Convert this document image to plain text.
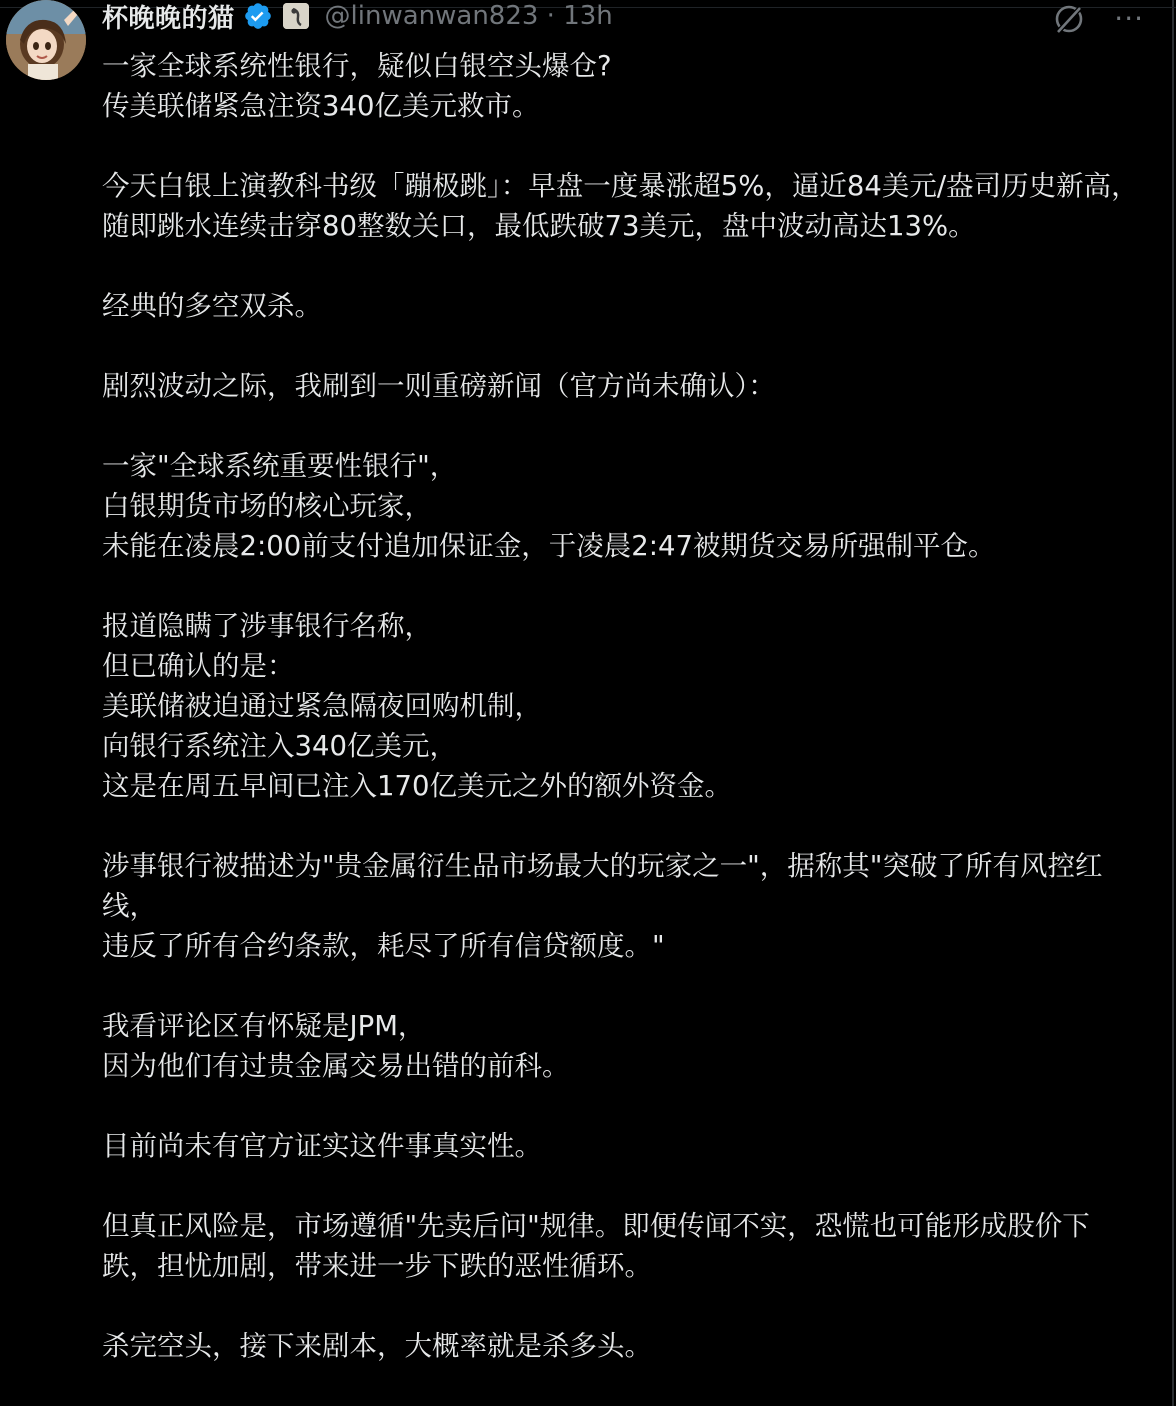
杯晚晚的猫	@linwanwan823 · 13h	···

一家全球系统性银行，疑似白银空头爆仓?
传美联储紧急注资340亿美元救市。

今天白银上演教科书级「蹦极跳」：早盘一度暴涨超5%，逼近84美元/盎司历史新高，随即跳水连续击穿80整数关口，最低跌破73美元，盘中波动高达13%。

经典的多空双杀。

剧烈波动之际，我刷到一则重磅新闻（官方尚未确认）：

一家"全球系统重要性银行"，
白银期货市场的核心玩家，
未能在凌晨2:00前支付追加保证金，于凌晨2:47被期货交易所强制平仓。

报道隐瞒了涉事银行名称，
但已确认的是：
美联储被迫通过紧急隔夜回购机制，
向银行系统注入340亿美元，
这是在周五早间已注入170亿美元之外的额外资金。

涉事银行被描述为"贵金属衍生品市场最大的玩家之一"，据称其"突破了所有风控红线，
违反了所有合约条款，耗尽了所有信贷额度。"

我看评论区有怀疑是JPM，
因为他们有过贵金属交易出错的前科。

目前尚未有官方证实这件事真实性。

但真正风险是，市场遵循"先卖后问"规律。即便传闻不实，恐慌也可能形成股价下跌，担忧加剧，带来进一步下跌的恶性循环。

杀完空头，接下来剧本，大概率就是杀多头。
